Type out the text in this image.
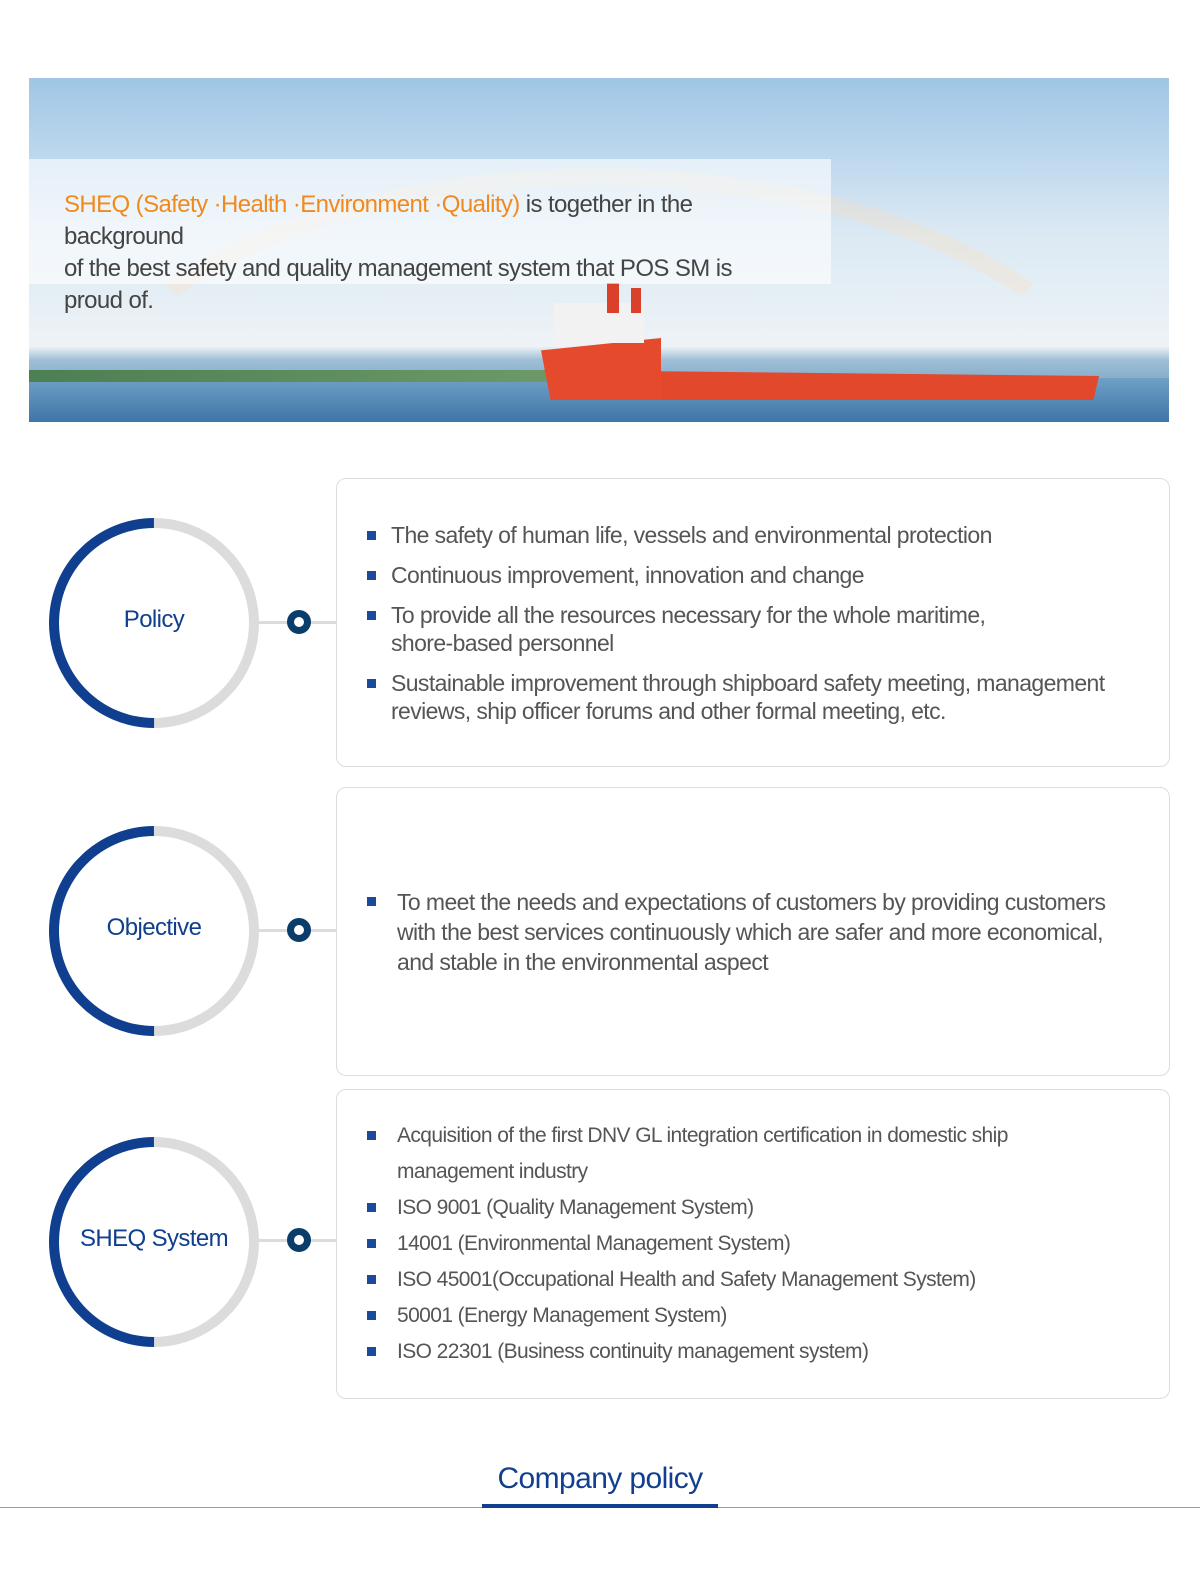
SHEQ (Safety ·Health ·Environment ·Quality) is together in the background
of the best safety and quality management system that POS SM is proud of.
Policy
The safety of human life, vessels and environmental protection
Continuous improvement, innovation and change
To provide all the resources necessary for the whole maritime, shore-based personnel
Sustainable improvement through shipboard safety meeting, management reviews, ship officer forums and other formal meeting, etc.
Objective
To meet the needs and expectations of customers by providing customers with the best services continuously which are safer and more economical, and stable in the environmental aspect
SHEQ System
Acquisition of the first DNV GL integration certification in domestic ship management industry
ISO 9001 (Quality Management System)
14001 (Environmental Management System)
ISO 45001(Occupational Health and Safety Management System)
50001 (Energy Management System)
ISO 22301 (Business continuity management system)
Company policy
